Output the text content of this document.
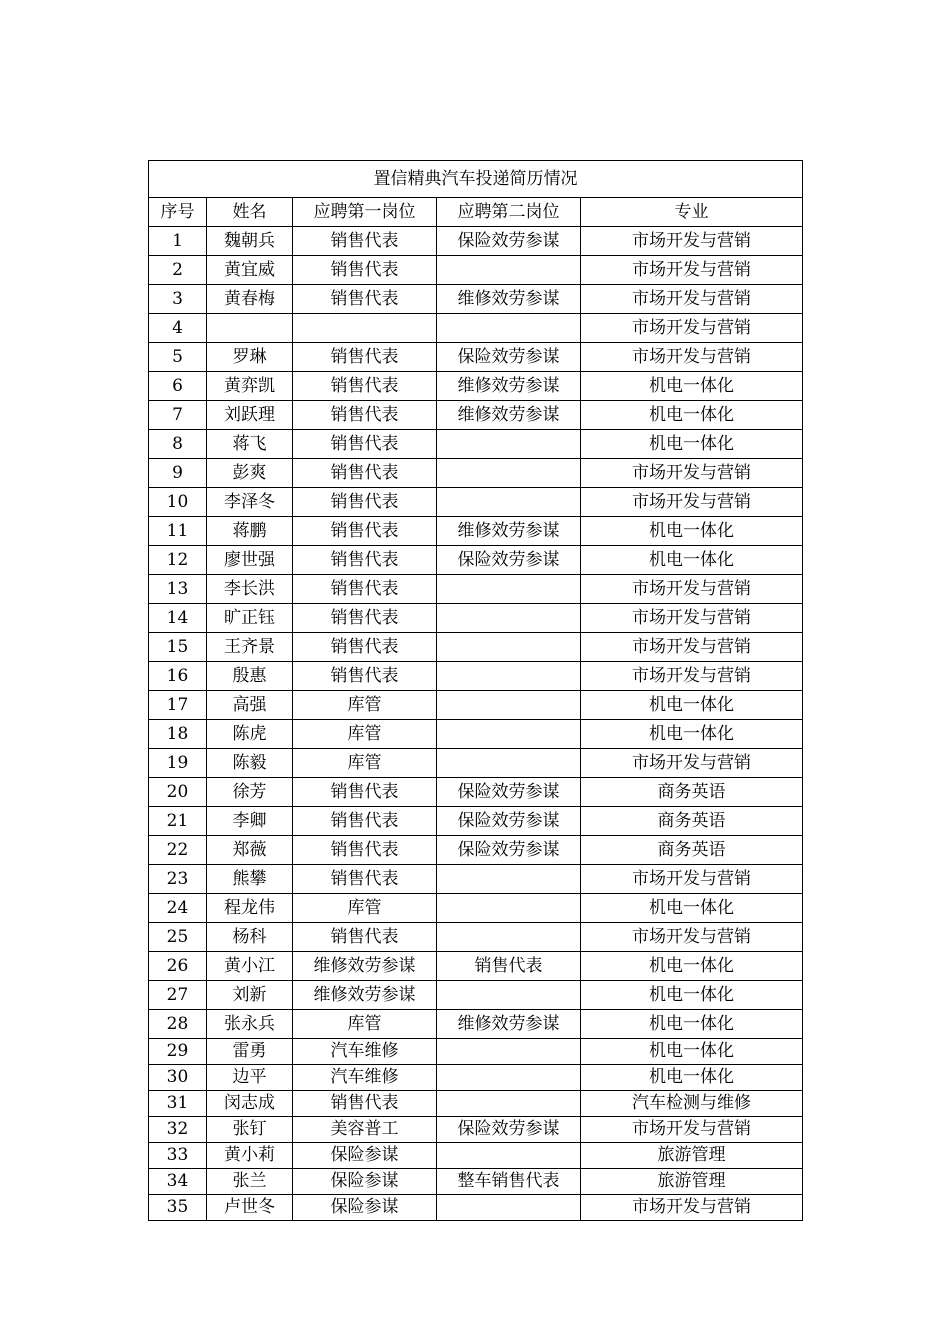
置信精典汽车投递简历情况				
序号	姓名	应聘第一岗位	应聘第二岗位	专业
1	魏朝兵	销售代表	保险效劳参谋	市场开发与营销
2	黄宜威	销售代表		市场开发与营销
3	黄春梅	销售代表	维修效劳参谋	市场开发与营销
4				市场开发与营销
5	罗琳	销售代表	保险效劳参谋	市场开发与营销
6	黄弈凯	销售代表	维修效劳参谋	机电一体化
7	刘跃理	销售代表	维修效劳参谋	机电一体化
8	蒋飞	销售代表		机电一体化
9	彭爽	销售代表		市场开发与营销
10	李泽冬	销售代表		市场开发与营销
11	蒋鹏	销售代表	维修效劳参谋	机电一体化
12	廖世强	销售代表	保险效劳参谋	机电一体化
13	李长洪	销售代表		市场开发与营销
14	旷正钰	销售代表		市场开发与营销
15	王齐景	销售代表		市场开发与营销
16	殷惠	销售代表		市场开发与营销
17	高强	库管		机电一体化
18	陈虎	库管		机电一体化
19	陈毅	库管		市场开发与营销
20	徐芳	销售代表	保险效劳参谋	商务英语
21	李卿	销售代表	保险效劳参谋	商务英语
22	郑薇	销售代表	保险效劳参谋	商务英语
23	熊攀	销售代表		市场开发与营销
24	程龙伟	库管		机电一体化
25	杨科	销售代表		市场开发与营销
26	黄小江	维修效劳参谋	销售代表	机电一体化
27	刘新	维修效劳参谋		机电一体化
28	张永兵	库管	维修效劳参谋	机电一体化
29	雷勇	汽车维修		机电一体化
30	边平	汽车维修		机电一体化
31	闵志成	销售代表		汽车检测与维修
32	张钉	美容普工	保险效劳参谋	市场开发与营销
33	黄小莉	保险参谋		旅游管理
34	张兰	保险参谋	整车销售代表	旅游管理
35	卢世冬	保险参谋		市场开发与营销
